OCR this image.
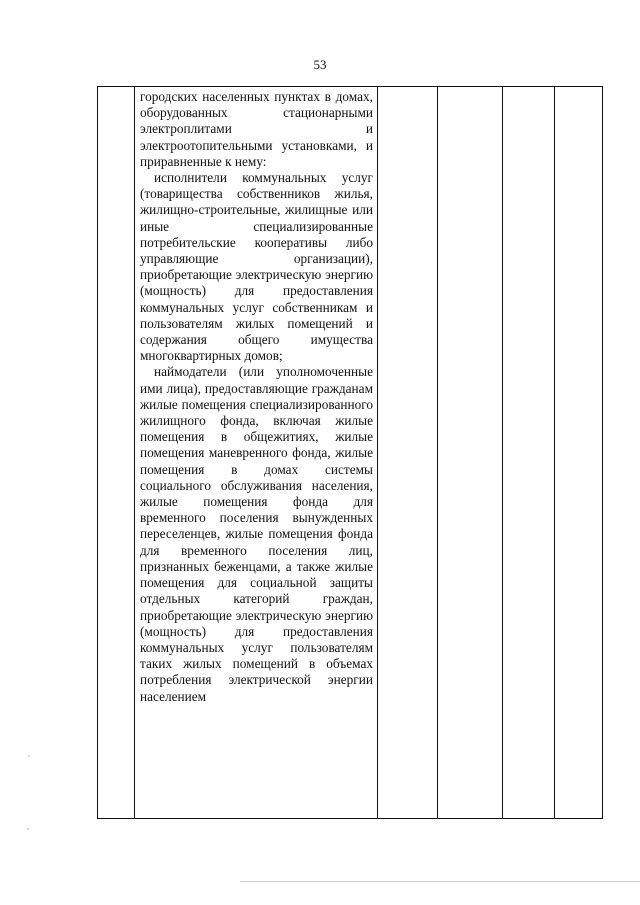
53

городских населенных пунктах в домах, оборудованных стационарными электроплитами и электроотопительными установками, и приравненные к нему:

исполнители коммунальных услуг (товарищества собственников жилья, жилищно-строительные, жилищные или иные специализированные потребительские кооперативы либо управляющие организации), приобретающие электрическую энергию (мощность) для предоставления коммунальных услуг собственникам и пользователям жилых помещений и содержания общего имущества многоквартирных домов;

наймодатели (или уполномоченные ими лица), предоставляющие гражданам жилые помещения специализированного жилищного фонда, включая жилые помещения в общежитиях, жилые помещения маневренного фонда, жилые помещения в домах системы социального обслуживания населения, жилые помещения фонда для временного поселения вынужденных переселенцев, жилые помещения фонда для временного поселения лиц, признанных беженцами, а также жилые помещения для социальной защиты отдельных категорий граждан, приобретающие электрическую энергию (мощность) для предоставления коммунальных услуг пользователям таких жилых помещений в объемах потребления электрической энергии населением
